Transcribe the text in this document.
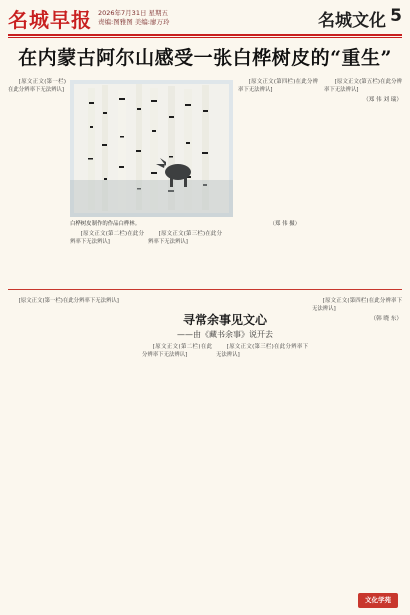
名城早报 2026年7月31日 星期五
责编:图雅图 美编:廖万玲	名城文化 5
在内蒙古阿尔山感受一张白桦树皮的“重生”

[原文正文(第一栏)在此分辨率下无法辨认]

[原文正文(第二栏)在此分辨率下无法辨认]

[原文正文(第三栏)在此分辨率下无法辨认]

[原文正文(第四栏)在此分辨率下无法辨认]

[原文正文(第五栏)在此分辨率下无法辨认]

（郑 伟 刘 瑞）
白桦树皮制作的作品白桦林。	（郑 伟 摄）
寻常余事见文心
——由《藏书余事》说开去

[原文正文(第一栏)在此分辨率下无法辨认]

[原文正文(第二栏)在此分辨率下无法辨认]

[原文正文(第三栏)在此分辨率下无法辨认]

[原文正文(第四栏)在此分辨率下无法辨认]

（韩 晓 东）
文化学苑
